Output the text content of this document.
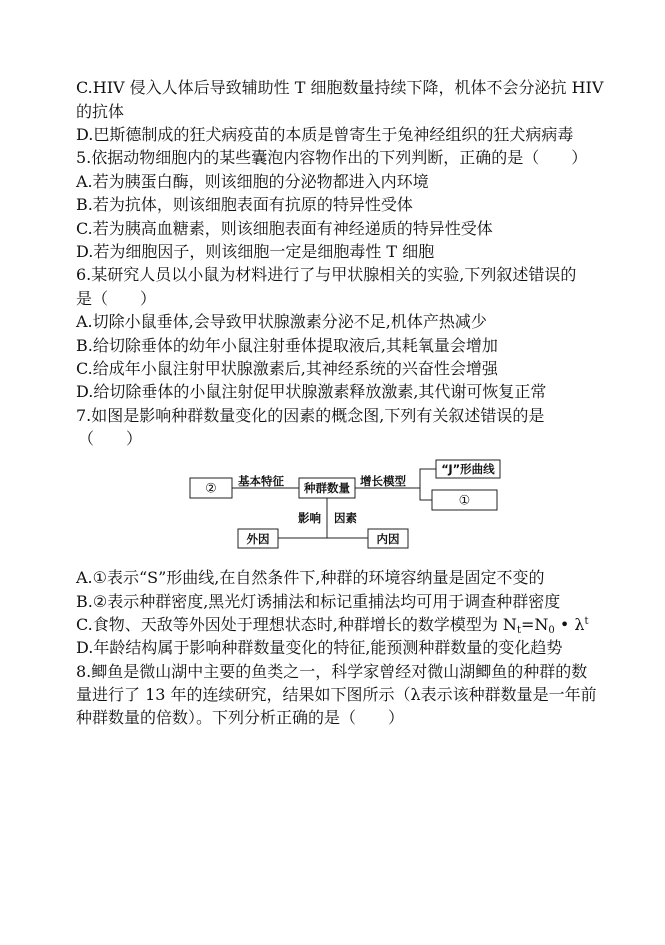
C.HIV 侵入人体后导致辅助性 T 细胞数量持续下降，机体不会分泌抗 HIV
的抗体
D.巴斯德制成的狂犬病疫苗的本质是曾寄生于兔神经组织的狂犬病病毒
5.依据动物细胞内的某些囊泡内容物作出的下列判断，正确的是（　　）
A.若为胰蛋白酶，则该细胞的分泌物都进入内环境
B.若为抗体，则该细胞表面有抗原的特异性受体
C.若为胰高血糖素，则该细胞表面有神经递质的特异性受体
D.若为细胞因子，则该细胞一定是细胞毒性 T 细胞
6.某研究人员以小鼠为材料进行了与甲状腺相关的实验,下列叙述错误的
是（　　）
A.切除小鼠垂体,会导致甲状腺激素分泌不足,机体产热减少
B.给切除垂体的幼年小鼠注射垂体提取液后,其耗氧量会增加
C.给成年小鼠注射甲状腺激素后,其神经系统的兴奋性会增强
D.给切除垂体的小鼠注射促甲状腺激素释放激素,其代谢可恢复正常
7.如图是影响种群数量变化的因素的概念图,下列有关叙述错误的是
（　　）
②
基本特征
种群数量
增长模型
“J”形曲线
①
影响 因素
外因	内因
A.①表示“S”形曲线,在自然条件下,种群的环境容纳量是固定不变的
B.②表示种群密度,黑光灯诱捕法和标记重捕法均可用于调查种群密度
C.食物、天敌等外因处于理想状态时,种群增长的数学模型为 $N_t=N_0$ • $\lambda^t$
D.年龄结构属于影响种群数量变化的特征,能预测种群数量的变化趋势
8.鲫鱼是微山湖中主要的鱼类之一，科学家曾经对微山湖鲫鱼的种群的数
量进行了 13 年的连续研究，结果如下图所示（λ表示该种群数量是一年前
种群数量的倍数）。下列分析正确的是（　　）
